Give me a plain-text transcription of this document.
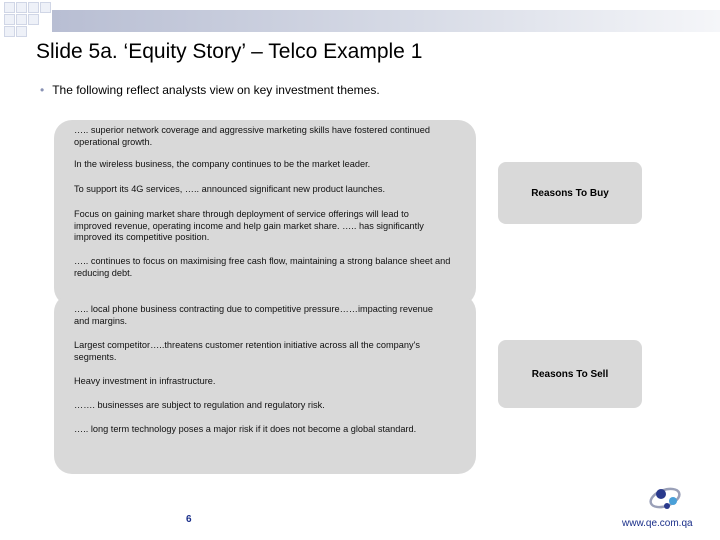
Slide 5a. ‘Equity Story’ – Telco Example 1
• The following reflect analysts view on key investment themes.

….. superior network coverage and aggressive marketing skills have fostered continued operational growth.

In the wireless business, the company continues to be the market leader.

To support its 4G services, ….. announced significant new product launches.

Focus on gaining market share through deployment of service offerings will lead to improved revenue, operating income and help gain market share. ….. has significantly improved its competitive position.

….. continues to focus on maximising free cash flow, maintaining a strong balance sheet and reducing debt.

Reasons To Buy

….. local phone business contracting due to competitive pressure……impacting revenue and margins.

Largest competitor…..threatens customer retention initiative across all the company's segments.

Heavy investment in infrastructure.

……. businesses are subject to regulation and regulatory risk.

….. long term technology poses a major risk if it does not become a global standard.

Reasons To Sell
6	www.qe.com.qa
